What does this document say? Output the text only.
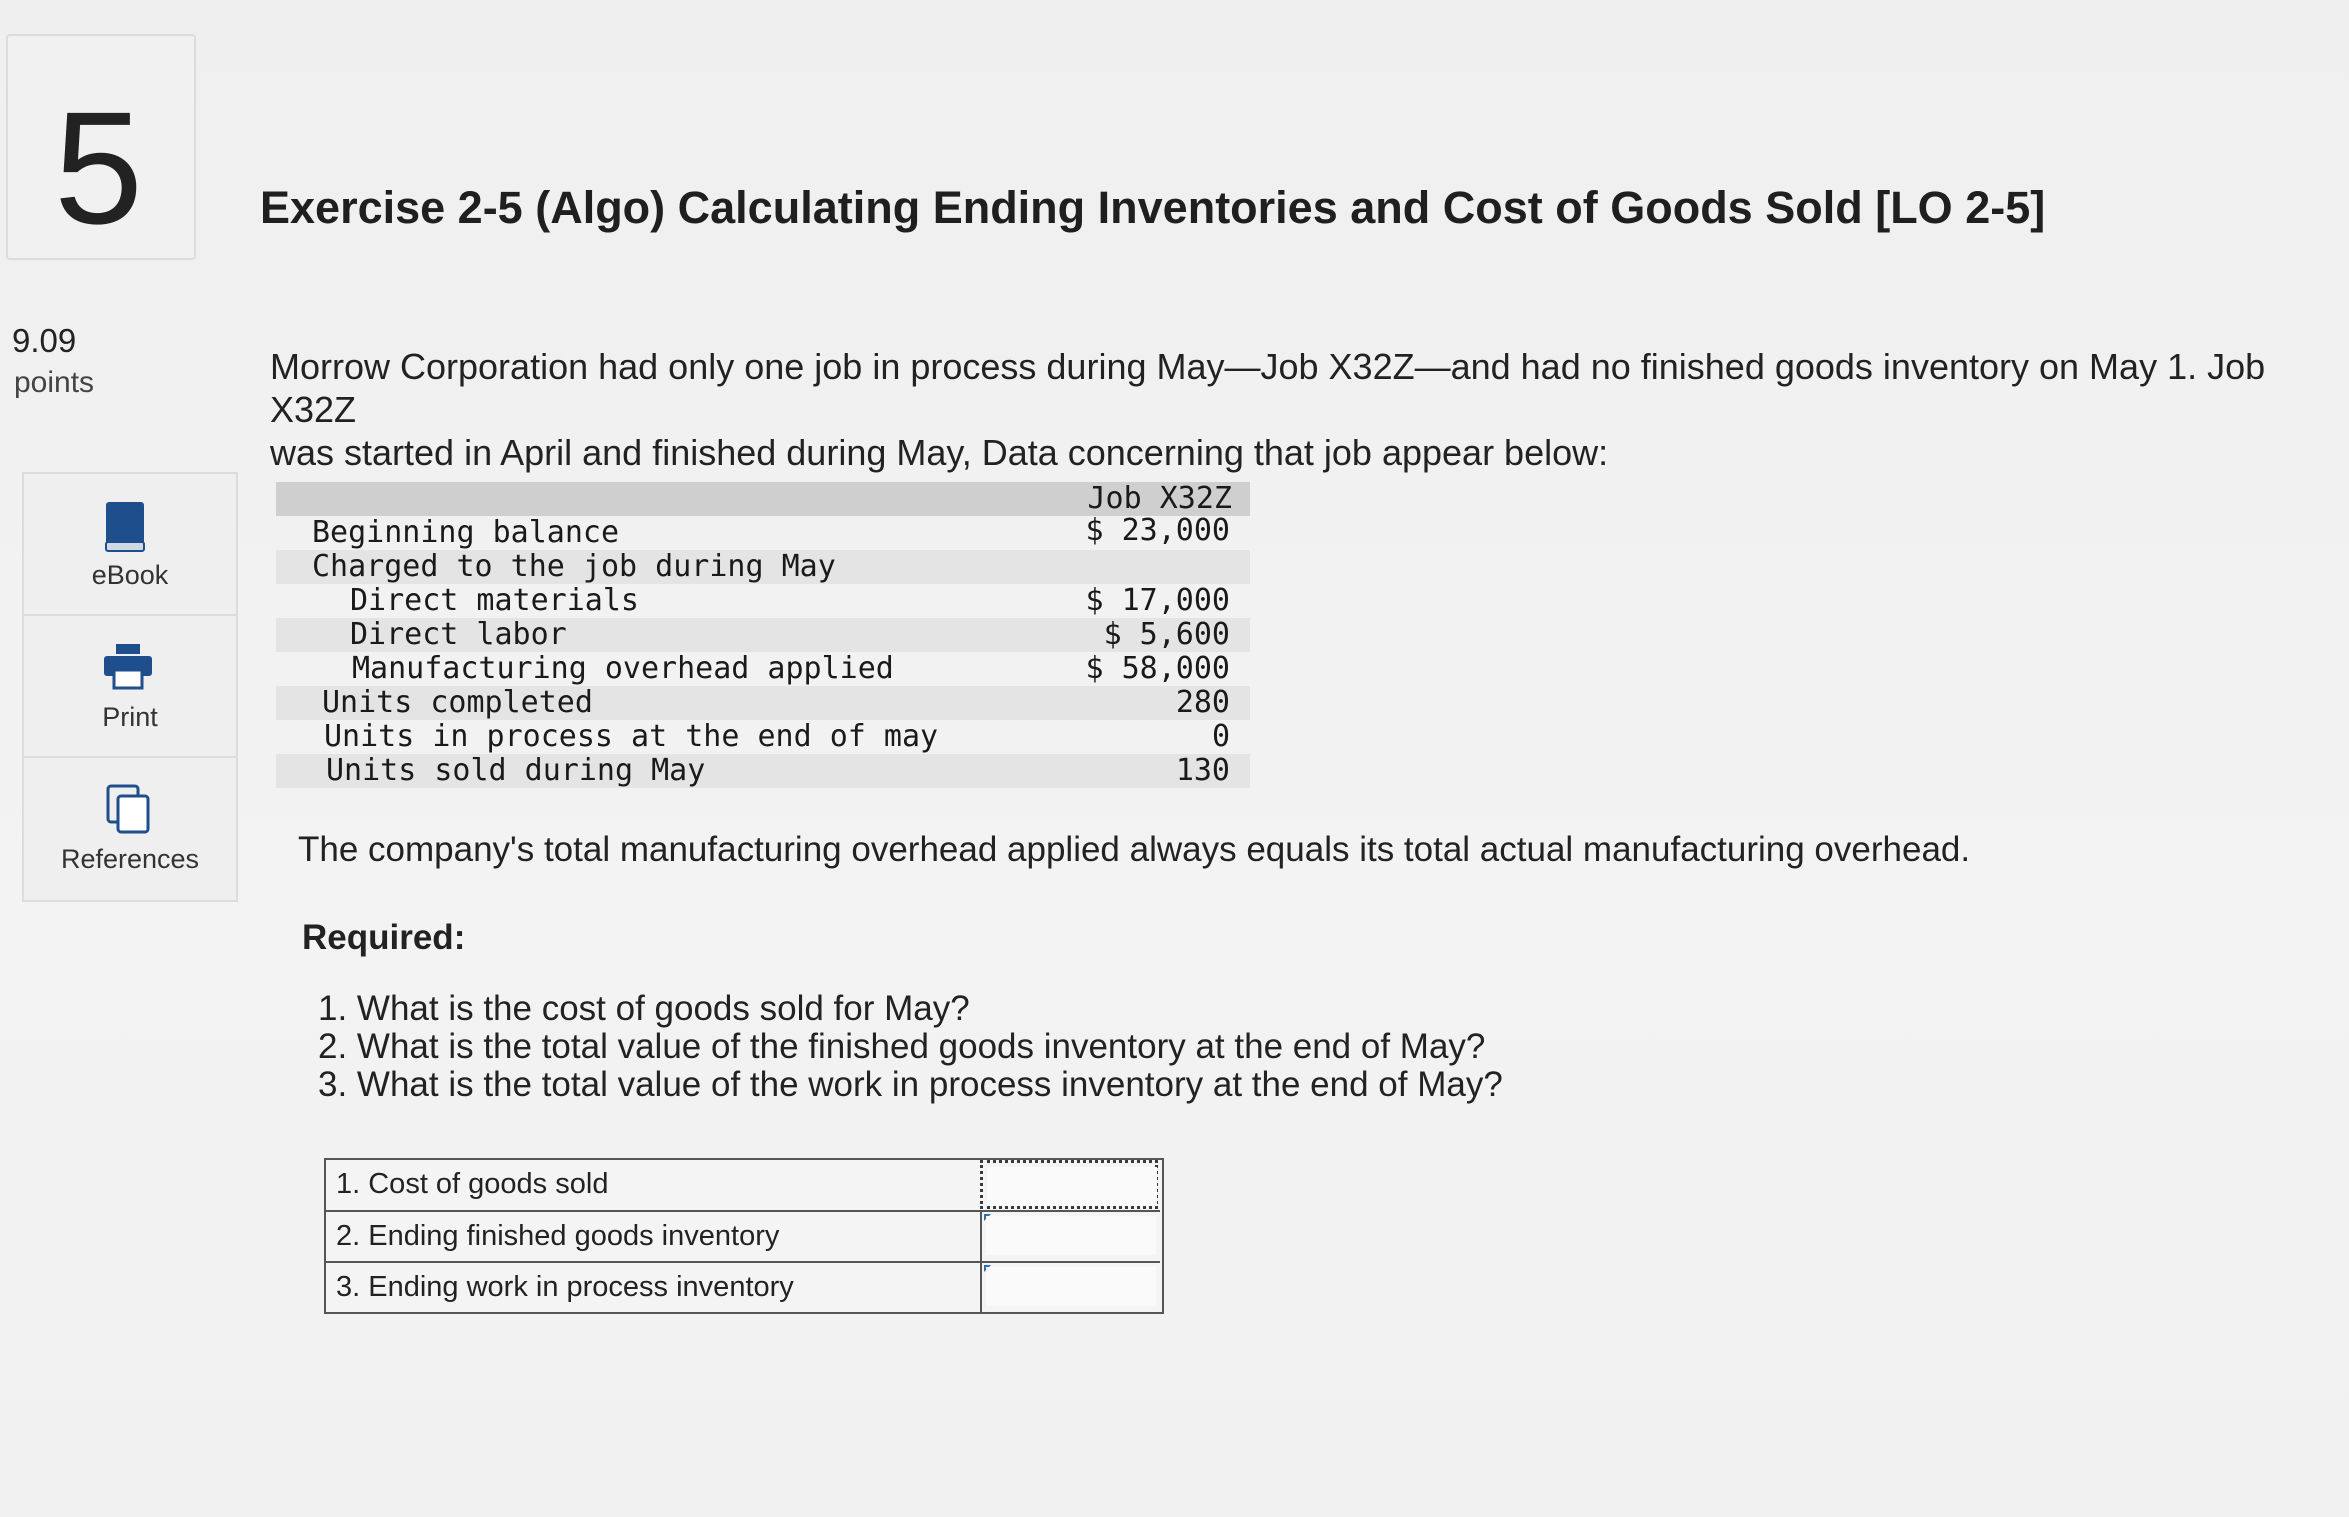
5
9.09
points
eBook
Print
References
Exercise 2-5 (Algo) Calculating Ending Inventories and Cost of Goods Sold [LO 2-5]
Morrow Corporation had only one job in process during May—Job X32Z—and had no finished goods inventory on May 1. Job X32Z
was started in April and finished during May, Data concerning that job appear below:
Job X32Z
Beginning balance	$ 23,000
Charged to the job during May
Direct materials	$ 17,000
Direct labor	$ 5,600
Manufacturing overhead applied	$ 58,000
Units completed	280
Units in process at the end of may	0
Units sold during May	130
The company's total manufacturing overhead applied always equals its total actual manufacturing overhead.
Required:
1. What is the cost of goods sold for May?
2. What is the total value of the finished goods inventory at the end of May?
3. What is the total value of the work in process inventory at the end of May?
1. Cost of goods sold
2. Ending finished goods inventory
3. Ending work in process inventory
